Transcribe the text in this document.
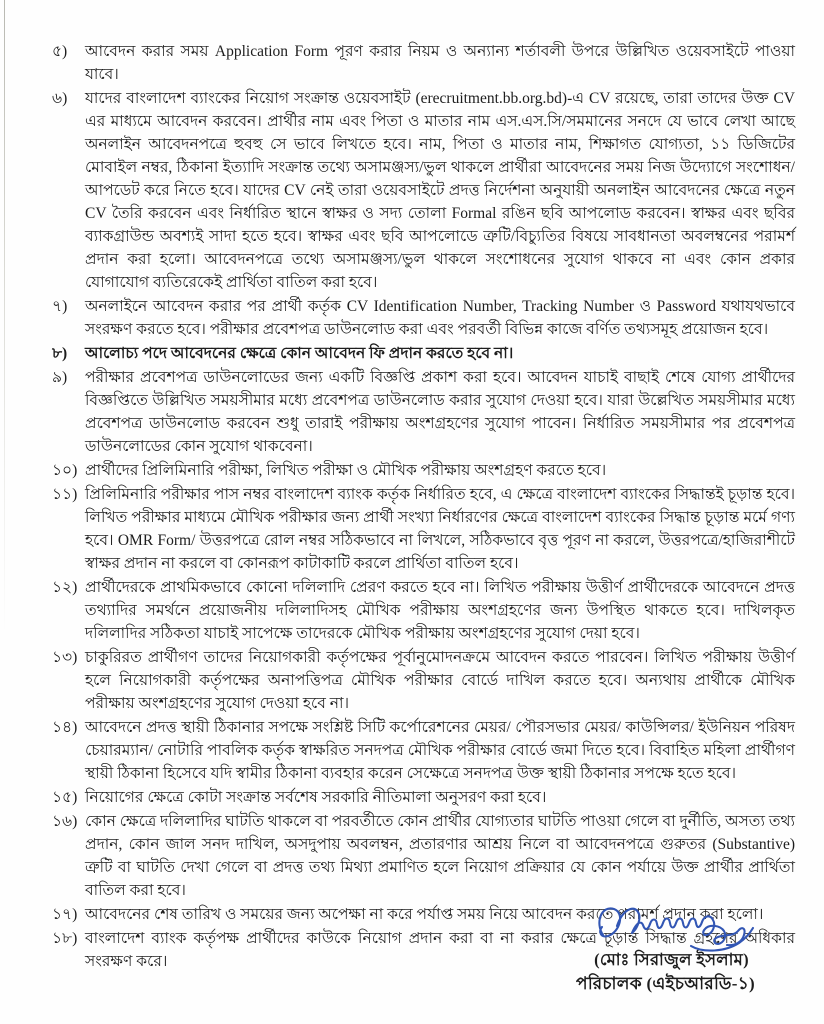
৫)	আবেদন করার সময় Application Form পূরণ করার নিয়ম ও অন্যান্য শর্তাবলী উপরে উল্লিখিত ওয়েবসাইটে পাওয়া যাবে।
৬)	যাদের বাংলাদেশ ব্যাংকের নিয়োগ সংক্রান্ত ওয়েবসাইট (erecruitment.bb.org.bd)-এ CV রয়েছে, তারা তাদের উক্ত CV এর মাধ্যমে আবেদন করবেন। প্রার্থীর নাম এবং পিতা ও মাতার নাম এস.এস.সি/সমমানের সনদে যে ভাবে লেখা আছে অনলাইন আবেদনপত্রে হুবহু সে ভাবে লিখতে হবে। নাম, পিতা ও মাতার নাম, শিক্ষাগত যোগ্যতা, ১১ ডিজিটের মোবাইল নম্বর, ঠিকানা ইত্যাদি সংক্রান্ত তথ্যে অসামঞ্জস্য/ভুল থাকলে প্রার্থীরা আবেদনের সময় নিজ উদ্যোগে সংশোধন/আপডেট করে নিতে হবে। যাদের CV নেই তারা ওয়েবসাইটে প্রদত্ত নির্দেশনা অনুযায়ী অনলাইন আবেদনের ক্ষেত্রে নতুন CV তৈরি করবেন এবং নির্ধারিত স্থানে স্বাক্ষর ও সদ্য তোলা Formal রঙিন ছবি আপলোড করবেন। স্বাক্ষর এবং ছবির ব্যাকগ্রাউন্ড অবশ্যই সাদা হতে হবে। স্বাক্ষর এবং ছবি আপলোডে ত্রুটি/বিচ্যুতির বিষয়ে সাবধানতা অবলম্বনের পরামর্শ প্রদান করা হলো। আবেদনপত্রে তথ্যে অসামঞ্জস্য/ভুল থাকলে সংশোধনের সুযোগ থাকবে না এবং কোন প্রকার যোগাযোগ ব্যতিরেকেই প্রার্থিতা বাতিল করা হবে।
৭)	অনলাইনে আবেদন করার পর প্রার্থী কর্তৃক CV Identification Number, Tracking Number ও Password যথাযথভাবে সংরক্ষণ করতে হবে। পরীক্ষার প্রবেশপত্র ডাউনলোড করা এবং পরবর্তী বিভিন্ন কাজে বর্ণিত তথ্যসমূহ প্রয়োজন হবে।
৮)	আলোচ্য পদে আবেদনের ক্ষেত্রে কোন আবেদন ফি প্রদান করতে হবে না।
৯)	পরীক্ষার প্রবেশপত্র ডাউনলোডের জন্য একটি বিজ্ঞপ্তি প্রকাশ করা হবে। আবেদন যাচাই বাছাই শেষে যোগ্য প্রার্থীদের বিজ্ঞপ্তিতে উল্লিখিত সময়সীমার মধ্যে প্রবেশপত্র ডাউনলোড করার সুযোগ দেওয়া হবে। যারা উল্লেখিত সময়সীমার মধ্যে প্রবেশপত্র ডাউনলোড করবেন শুধু তারাই পরীক্ষায় অংশগ্রহণের সুযোগ পাবেন। নির্ধারিত সময়সীমার পর প্রবেশপত্র ডাউনলোডের কোন সুযোগ থাকবেনা।
১০) প্রার্থীদের প্রিলিমিনারি পরীক্ষা, লিখিত পরীক্ষা ও মৌখিক পরীক্ষায় অংশগ্রহণ করতে হবে।
১১) প্রিলিমিনারি পরীক্ষার পাস নম্বর বাংলাদেশ ব্যাংক কর্তৃক নির্ধারিত হবে, এ ক্ষেত্রে বাংলাদেশ ব্যাংকের সিদ্ধান্তই চূড়ান্ত হবে। লিখিত পরীক্ষার মাধ্যমে মৌখিক পরীক্ষার জন্য প্রার্থী সংখ্যা নির্ধারণের ক্ষেত্রে বাংলাদেশ ব্যাংকের সিদ্ধান্ত চূড়ান্ত মর্মে গণ্য হবে। OMR Form/ উত্তরপত্রে রোল নম্বর সঠিকভাবে না লিখলে, সঠিকভাবে বৃত্ত পূরণ না করলে, উত্তরপত্রে/হাজিরাশীটে স্বাক্ষর প্রদান না করলে বা কোনরূপ কাটাকাটি করলে প্রার্থিতা বাতিল হবে।
১২) প্রার্থীদেরকে প্রাথমিকভাবে কোনো দলিলাদি প্রেরণ করতে হবে না। লিখিত পরীক্ষায় উত্তীর্ণ প্রার্থীদেরকে আবেদনে প্রদত্ত তথ্যাদির সমর্থনে প্রয়োজনীয় দলিলাদিসহ মৌখিক পরীক্ষায় অংশগ্রহণের জন্য উপস্থিত থাকতে হবে। দাখিলকৃত দলিলাদির সঠিকতা যাচাই সাপেক্ষে তাদেরকে মৌখিক পরীক্ষায় অংশগ্রহণের সুযোগ দেয়া হবে।
১৩) চাকুরিরত প্রার্থীগণ তাদের নিয়োগকারী কর্তৃপক্ষের পূর্বানুমোদনক্রমে আবেদন করতে পারবেন। লিখিত পরীক্ষায় উত্তীর্ণ হলে নিয়োগকারী কর্তৃপক্ষের অনাপত্তিপত্র মৌখিক পরীক্ষার বোর্ডে দাখিল করতে হবে। অন্যথায় প্রার্থীকে মৌখিক পরীক্ষায় অংশগ্রহণের সুযোগ দেওয়া হবে না।
১৪) আবেদনে প্রদত্ত স্থায়ী ঠিকানার সপক্ষে সংশ্লিষ্ট সিটি কর্পোরেশনের মেয়র/ পৌরসভার মেয়র/ কাউন্সিলর/ ইউনিয়ন পরিষদ চেয়ারম্যান/ নোটারি পাবলিক কর্তৃক স্বাক্ষরিত সনদপত্র মৌখিক পরীক্ষার বোর্ডে জমা দিতে হবে। বিবাহিত মহিলা প্রার্থীগণ স্থায়ী ঠিকানা হিসেবে যদি স্বামীর ঠিকানা ব্যবহার করেন সেক্ষেত্রে সনদপত্র উক্ত স্থায়ী ঠিকানার সপক্ষে হতে হবে।
১৫) নিয়োগের ক্ষেত্রে কোটা সংক্রান্ত সর্বশেষ সরকারি নীতিমালা অনুসরণ করা হবে।
১৬) কোন ক্ষেত্রে দলিলাদির ঘাটতি থাকলে বা পরবর্তীতে কোন প্রার্থীর যোগ্যতার ঘাটতি পাওয়া গেলে বা দুর্নীতি, অসত্য তথ্য প্রদান, কোন জাল সনদ দাখিল, অসদুপায় অবলম্বন, প্রতারণার আশ্রয় নিলে বা আবেদনপত্রে গুরুতর (Substantive) ত্রুটি বা ঘাটতি দেখা গেলে বা প্রদত্ত তথ্য মিথ্যা প্রমাণিত হলে নিয়োগ প্রক্রিয়ার যে কোন পর্যায়ে উক্ত প্রার্থীর প্রার্থিতা বাতিল করা হবে।
১৭) আবেদনের শেষ তারিখ ও সময়ের জন্য অপেক্ষা না করে পর্যাপ্ত সময় নিয়ে আবেদন করতে পরামর্শ প্রদান করা হলো।
১৮) বাংলাদেশ ব্যাংক কর্তৃপক্ষ প্রার্থীদের কাউকে নিয়োগ প্রদান করা বা না করার ক্ষেত্রে চূড়ান্ত সিদ্ধান্ত গ্রহণের অধিকার সংরক্ষণ করে।	(মোঃ সিরাজুল ইসলাম)
পরিচালক (এইচআরডি-১)
